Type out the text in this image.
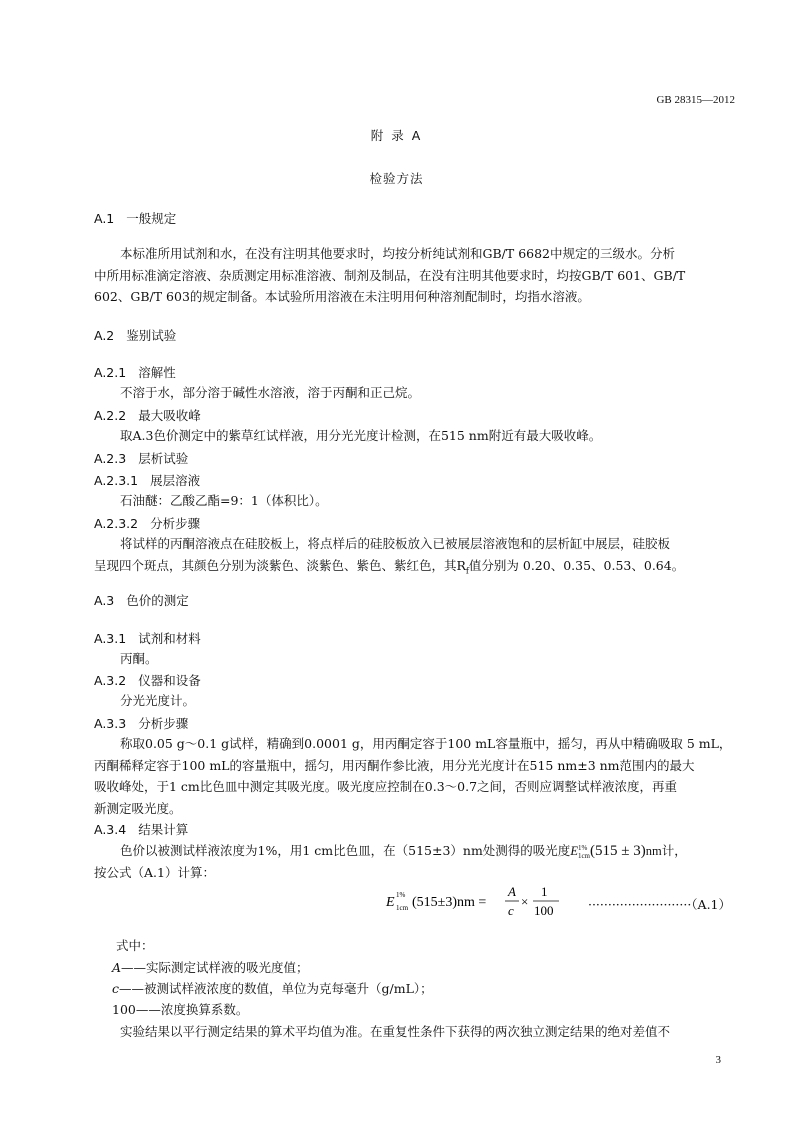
GB 28315—2012
附 录 A
检验方法
A.1 一般规定
本标准所用试剂和水，在没有注明其他要求时，均按分析纯试剂和GB/T 6682中规定的三级水。分析
中所用标准滴定溶液、杂质测定用标准溶液、制剂及制品，在没有注明其他要求时，均按GB/T 601、GB/T
602、GB/T 603的规定制备。本试验所用溶液在未注明用何种溶剂配制时，均指水溶液。
A.2 鉴别试验
A.2.1 溶解性
不溶于水，部分溶于碱性水溶液，溶于丙酮和正己烷。
A.2.2 最大吸收峰
取A.3色价测定中的紫草红试样液，用分光光度计检测，在515 nm附近有最大吸收峰。
A.2.3 层析试验
A.2.3.1 展层溶液
石油醚：乙酸乙酯=9：1（体积比）。
A.2.3.2 分析步骤
将试样的丙酮溶液点在硅胶板上，将点样后的硅胶板放入已被展层溶液饱和的层析缸中展层，硅胶板
呈现四个斑点，其颜色分别为淡紫色、淡紫色、紫色、紫红色，其$R_f$值分别为 0.20、0.35、0.53、0.64。
A.3 色价的测定
A.3.1 试剂和材料
丙酮。
A.3.2 仪器和设备
分光光度计。
A.3.3 分析步骤
称取0.05 g～0.1 g试样，精确到0.0001 g，用丙酮定容于100 mL容量瓶中，摇匀，再从中精确吸取 5 mL，
丙酮稀释定容于100 mL的容量瓶中，摇匀，用丙酮作参比液，用分光光度计在515 nm±3 nm范围内的最大
吸收峰处，于1 cm比色皿中测定其吸光度。吸光度应控制在0.3～0.7之间，否则应调整试样液浓度，再重
新测定吸光度。
A.3.4 结果计算
色价以被测试样液浓度为1%，用1 cm比色皿，在（515±3）nm处测得的吸光度E 1%
1cm (515 ± 3)nm计，
按公式（A.1）计算：
E 1%
1cm (515±3)nm =
A
c
×
1
100	··························（A.1）
式中：
A——实际测定试样液的吸光度值；
c——被测试样液浓度的数值，单位为克每毫升（g/mL）；
100——浓度换算系数。
实验结果以平行测定结果的算术平均值为准。在重复性条件下获得的两次独立测定结果的绝对差值不
3
